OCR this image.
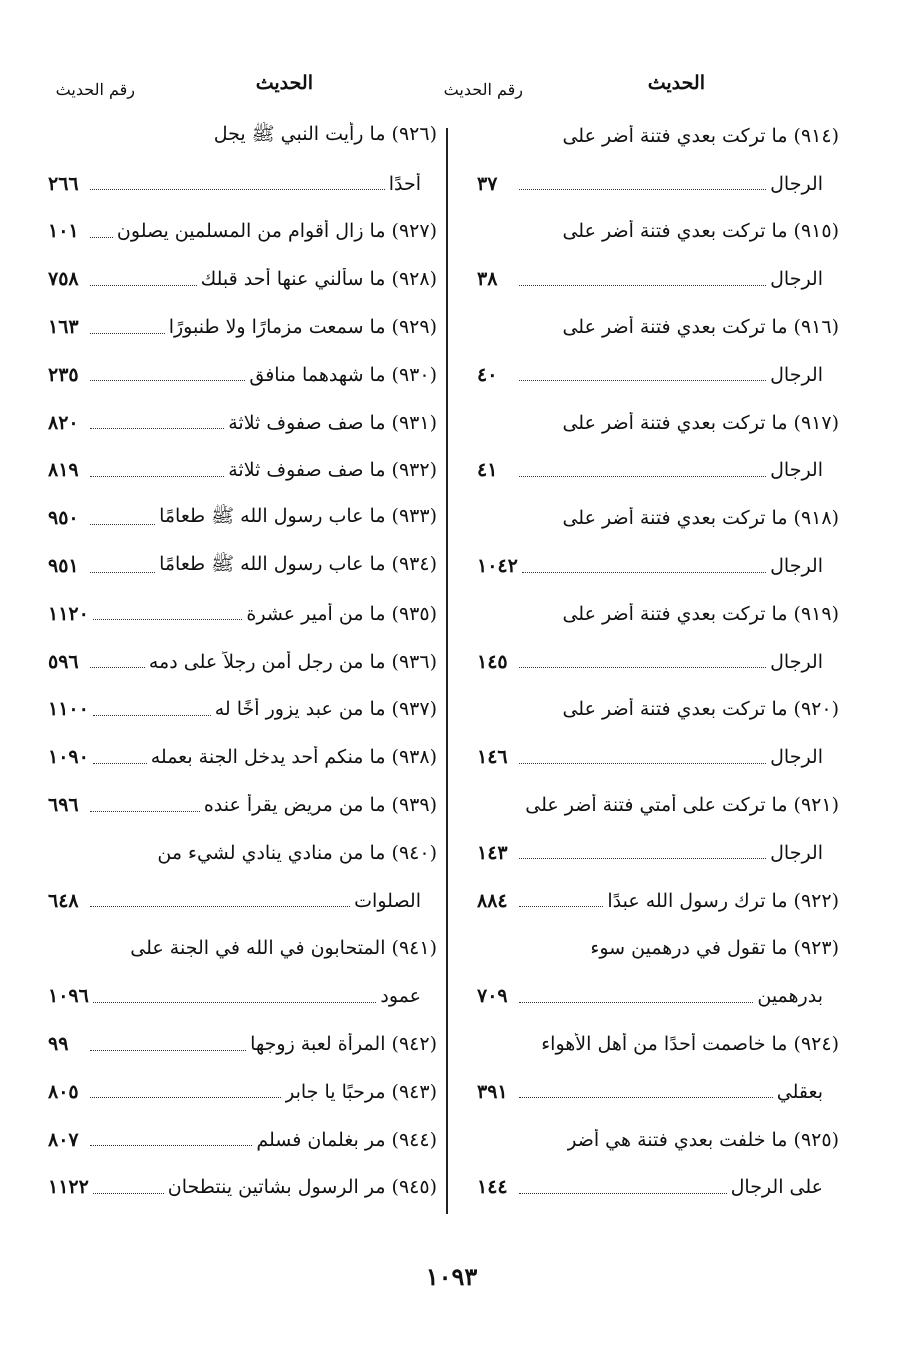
الحديث
رقم الحديث
الحديث
رقم الحديث
(٩١٤) ما تركت بعدي فتنة أضر على
الرجال
٣٧
(٩١٥) ما تركت بعدي فتنة أضر على
الرجال
٣٨
(٩١٦) ما تركت بعدي فتنة أضر على
الرجال
٤٠
(٩١٧) ما تركت بعدي فتنة أضر على
الرجال
٤١
(٩١٨) ما تركت بعدي فتنة أضر على
الرجال
١٠٤٢
(٩١٩) ما تركت بعدي فتنة أضر على
الرجال
١٤٥
(٩٢٠) ما تركت بعدي فتنة أضر على
الرجال
١٤٦
(٩٢١) ما تركت على أمتي فتنة أضر على
الرجال
١٤٣
(٩٢٢) ما ترك رسول الله عبدًا
٨٨٤
(٩٢٣) ما تقول في درهمين سوء
بدرهمين
٧٠٩
(٩٢٤) ما خاصمت أحدًا من أهل الأهواء
بعقلي
٣٩١
(٩٢٥) ما خلفت بعدي فتنة هي أضر
على الرجال
١٤٤
(٩٢٦) ما رأيت النبي ﷺ يجل
أحدًا
٢٦٦
(٩٢٧) ما زال أقوام من المسلمين يصلون
١٠١
(٩٢٨) ما سألني عنها أحد قبلك
٧٥٨
(٩٢٩) ما سمعت مزمارًا ولا طنبورًا
١٦٣
(٩٣٠) ما شهدهما منافق
٢٣٥
(٩٣١) ما صف صفوف ثلاثة
٨٢٠
(٩٣٢) ما صف صفوف ثلاثة
٨١٩
(٩٣٣) ما عاب رسول الله ﷺ طعامًا
٩٥٠
(٩٣٤) ما عاب رسول الله ﷺ طعامًا
٩٥١
(٩٣٥) ما من أمير عشرة
١١٢٠
(٩٣٦) ما من رجل أمن رجلاً على دمه
٥٩٦
(٩٣٧) ما من عبد يزور أخًا له
١١٠٠
(٩٣٨) ما منكم أحد يدخل الجنة بعمله
١٠٩٠
(٩٣٩) ما من مريض يقرأ عنده
٦٩٦
(٩٤٠) ما من منادي ينادي لشيء من
الصلوات
٦٤٨
(٩٤١) المتحابون في الله في الجنة على
عمود
١٠٩٦
(٩٤٢) المرأة لعبة زوجها
٩٩
(٩٤٣) مرحبًا يا جابر
٨٠٥
(٩٤٤) مر بغلمان فسلم
٨٠٧
(٩٤٥) مر الرسول بشاتين ينتطحان
١١٢٢
١٠٩٣
